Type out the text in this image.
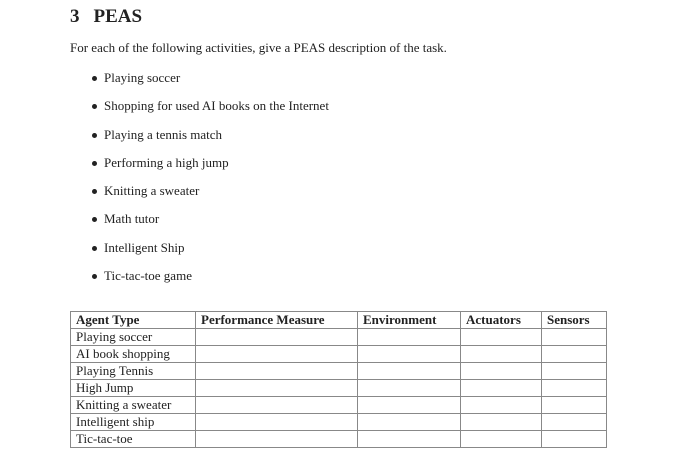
3 PEAS
For each of the following activities, give a PEAS description of the task.
Playing soccer
Shopping for used AI books on the Internet
Playing a tennis match
Performing a high jump
Knitting a sweater
Math tutor
Intelligent Ship
Tic-tac-toe game
Agent Type	Performance Measure	Environment	Actuators	Sensors
Playing soccer				
AI book shopping				
Playing Tennis				
High Jump				
Knitting a sweater				
Intelligent ship				
Tic-tac-toe				
